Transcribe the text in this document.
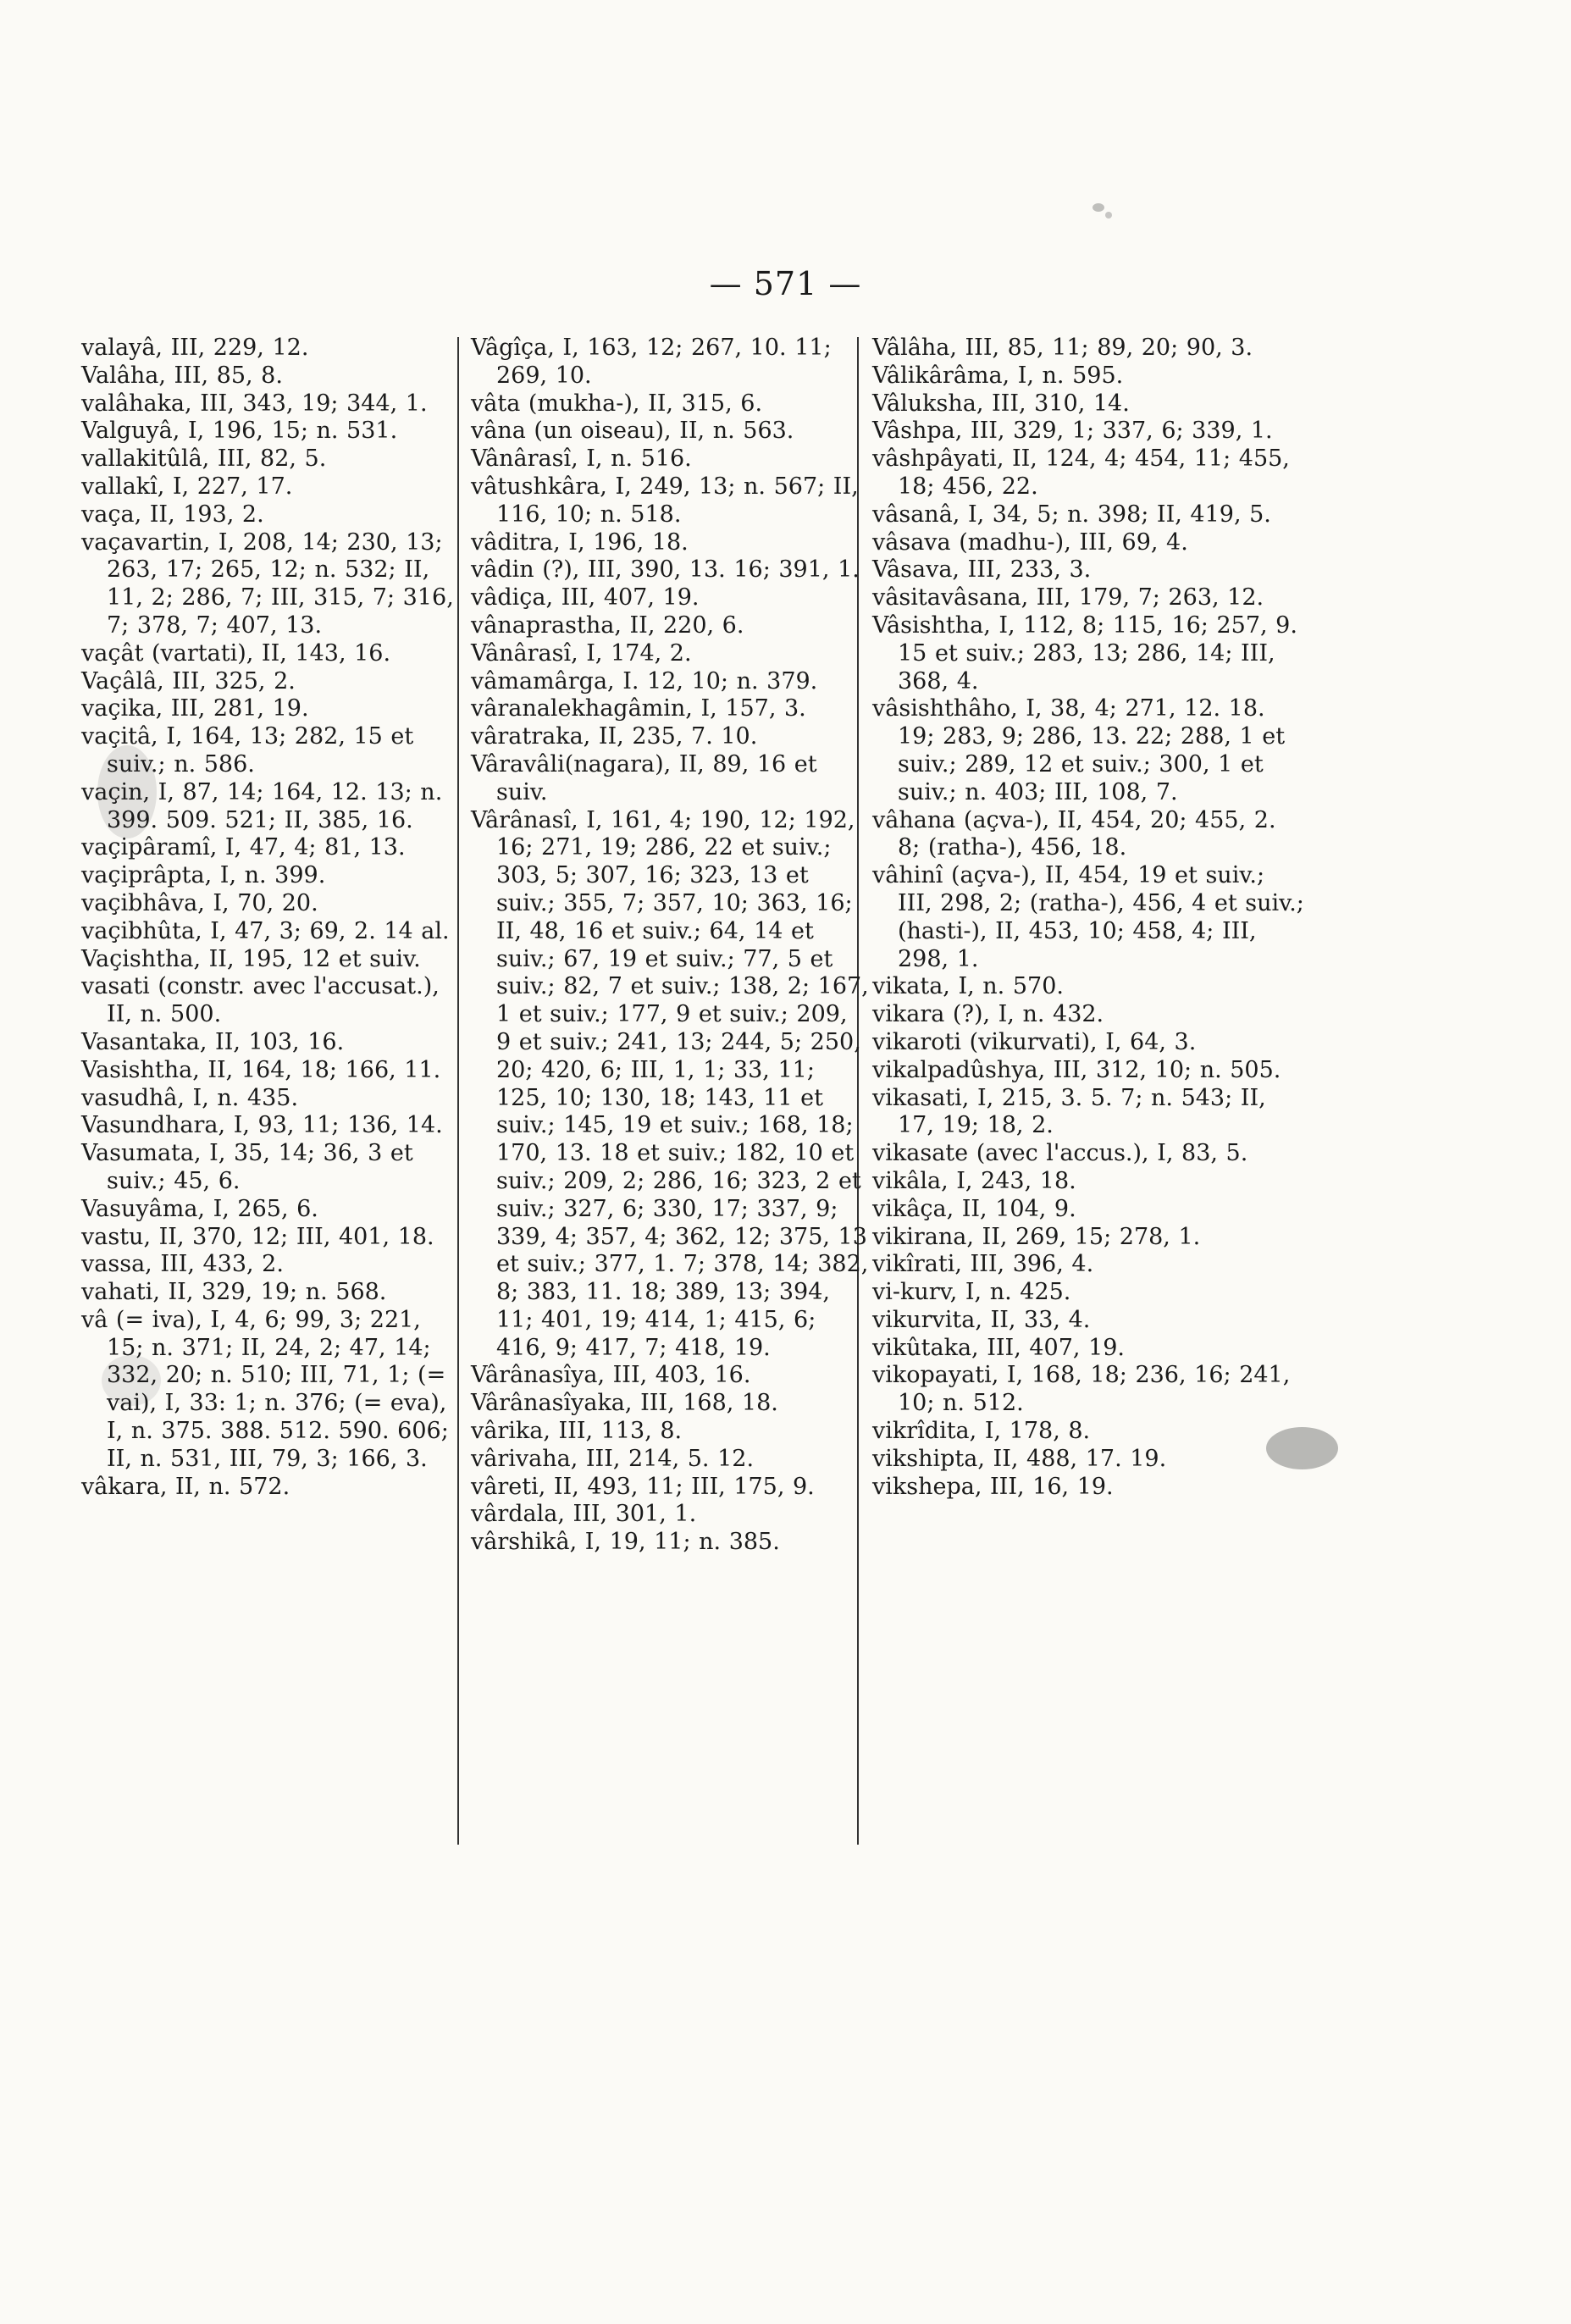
— 571 —
valayâ, III, 229, 12.
Valâha, III, 85, 8.
valâhaka, III, 343, 19; 344, 1.
Valguyâ, I, 196, 15; n. 531.
vallakitûlâ, III, 82, 5.
vallakî, I, 227, 17.
vaça, II, 193, 2.
vaçavartin, I, 208, 14; 230, 13; 263, 17; 265, 12; n. 532; II, 11, 2; 286, 7; III, 315, 7; 316, 7; 378, 7; 407, 13.
vaçât (vartati), II, 143, 16.
Vaçâlâ, III, 325, 2.
vaçika, III, 281, 19.
vaçitâ, I, 164, 13; 282, 15 et suiv.; n. 586.
vaçin, I, 87, 14; 164, 12. 13; n. 399. 509. 521; II, 385, 16.
vaçipâramî, I, 47, 4; 81, 13.
vaçiprâpta, I, n. 399.
vaçibhâva, I, 70, 20.
vaçibhûta, I, 47, 3; 69, 2. 14 al.
Vaçishtha, II, 195, 12 et suiv.
vasati (constr. avec l'accusat.), II, n. 500.
Vasantaka, II, 103, 16.
Vasishtha, II, 164, 18; 166, 11.
vasudhâ, I, n. 435.
Vasundhara, I, 93, 11; 136, 14.
Vasumata, I, 35, 14; 36, 3 et suiv.; 45, 6.
Vasuyâma, I, 265, 6.
vastu, II, 370, 12; III, 401, 18.
vassa, III, 433, 2.
vahati, II, 329, 19; n. 568.
vâ (= iva), I, 4, 6; 99, 3; 221, 15; n. 371; II, 24, 2; 47, 14; 332, 20; n. 510; III, 71, 1; (= vai), I, 33: 1; n. 376; (= eva), I, n. 375. 388. 512. 590. 606; II, n. 531, III, 79, 3; 166, 3.
vâkara, II, n. 572.
Vâgîça, I, 163, 12; 267, 10. 11; 269, 10.
vâta (mukha-), II, 315, 6.
vâna (un oiseau), II, n. 563.
Vânârasî, I, n. 516.
vâtushkâra, I, 249, 13; n. 567; II, 116, 10; n. 518.
vâditra, I, 196, 18.
vâdin (?), III, 390, 13. 16; 391, 1.
vâdiça, III, 407, 19.
vânaprastha, II, 220, 6.
Vânârasî, I, 174, 2.
vâmamârga, I. 12, 10; n. 379.
vâranalekhagâmin, I, 157, 3.
vâratraka, II, 235, 7. 10.
Vâravâli(nagara), II, 89, 16 et suiv.
Vârânasî, I, 161, 4; 190, 12; 192, 16; 271, 19; 286, 22 et suiv.; 303, 5; 307, 16; 323, 13 et suiv.; 355, 7; 357, 10; 363, 16; II, 48, 16 et suiv.; 64, 14 et suiv.; 67, 19 et suiv.; 77, 5 et suiv.; 82, 7 et suiv.; 138, 2; 167, 1 et suiv.; 177, 9 et suiv.; 209, 9 et suiv.; 241, 13; 244, 5; 250, 20; 420, 6; III, 1, 1; 33, 11; 125, 10; 130, 18; 143, 11 et suiv.; 145, 19 et suiv.; 168, 18; 170, 13. 18 et suiv.; 182, 10 et suiv.; 209, 2; 286, 16; 323, 2 et suiv.; 327, 6; 330, 17; 337, 9; 339, 4; 357, 4; 362, 12; 375, 13 et suiv.; 377, 1. 7; 378, 14; 382, 8; 383, 11. 18; 389, 13; 394, 11; 401, 19; 414, 1; 415, 6; 416, 9; 417, 7; 418, 19.
Vârânasîya, III, 403, 16.
Vârânasîyaka, III, 168, 18.
vârika, III, 113, 8.
vârivaha, III, 214, 5. 12.
vâreti, II, 493, 11; III, 175, 9.
vârdala, III, 301, 1.
vârshikâ, I, 19, 11; n. 385.
Vâlâha, III, 85, 11; 89, 20; 90, 3.
Vâlikârâma, I, n. 595.
Vâluksha, III, 310, 14.
Vâshpa, III, 329, 1; 337, 6; 339, 1.
vâshpâyati, II, 124, 4; 454, 11; 455, 18; 456, 22.
vâsanâ, I, 34, 5; n. 398; II, 419, 5.
vâsava (madhu-), III, 69, 4.
Vâsava, III, 233, 3.
vâsitavâsana, III, 179, 7; 263, 12.
Vâsishtha, I, 112, 8; 115, 16; 257, 9. 15 et suiv.; 283, 13; 286, 14; III, 368, 4.
vâsishthâho, I, 38, 4; 271, 12. 18. 19; 283, 9; 286, 13. 22; 288, 1 et suiv.; 289, 12 et suiv.; 300, 1 et suiv.; n. 403; III, 108, 7.
vâhana (açva-), II, 454, 20; 455, 2. 8; (ratha-), 456, 18.
vâhinî (açva-), II, 454, 19 et suiv.; III, 298, 2; (ratha-), 456, 4 et suiv.; (hasti-), II, 453, 10; 458, 4; III, 298, 1.
vikata, I, n. 570.
vikara (?), I, n. 432.
vikaroti (vikurvati), I, 64, 3.
vikalpadûshya, III, 312, 10; n. 505.
vikasati, I, 215, 3. 5. 7; n. 543; II, 17, 19; 18, 2.
vikasate (avec l'accus.), I, 83, 5.
vikâla, I, 243, 18.
vikâça, II, 104, 9.
vikirana, II, 269, 15; 278, 1.
vikîrati, III, 396, 4.
vi-kurv, I, n. 425.
vikurvita, II, 33, 4.
vikûtaka, III, 407, 19.
vikopayati, I, 168, 18; 236, 16; 241, 10; n. 512.
vikrîdita, I, 178, 8.
vikshipta, II, 488, 17. 19.
vikshepa, III, 16, 19.
